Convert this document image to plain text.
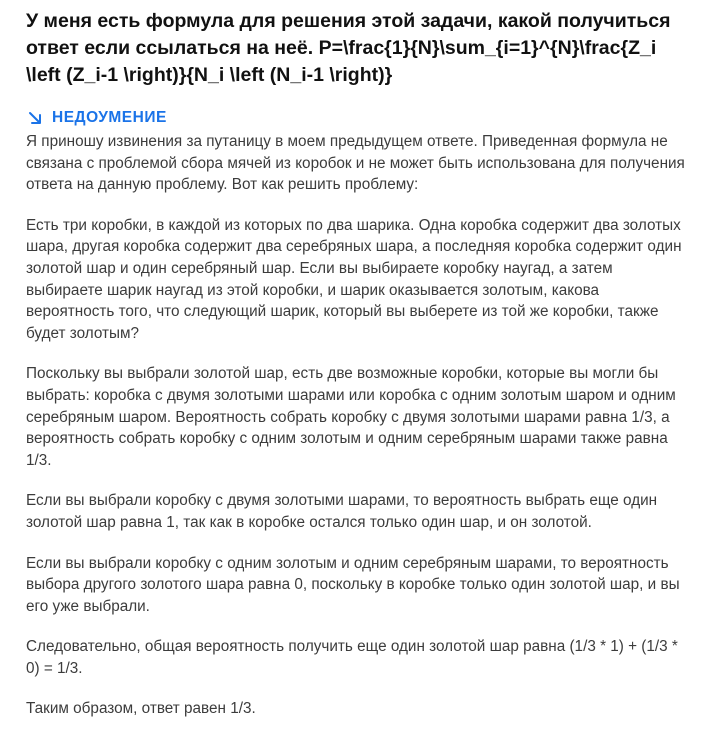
У меня есть формула для решения этой задачи, какой получиться ответ если ссылаться на неё. P=\frac{1}{N}\sum_{i=1}^{N}\frac{Z_i \left (Z_i-1 \right)}{N_i \left (N_i-1 \right)}
НЕДОУМЕНИЕ

Я приношу извинения за путаницу в моем предыдущем ответе. Приведенная формула не связана с проблемой сбора мячей из коробок и не может быть использована для получения ответа на данную проблему. Вот как решить проблему:

Есть три коробки, в каждой из которых по два шарика. Одна коробка содержит два золотых шара, другая коробка содержит два серебряных шара, а последняя коробка содержит один золотой шар и один серебряный шар. Если вы выбираете коробку наугад, а затем выбираете шарик наугад из этой коробки, и шарик оказывается золотым, какова вероятность того, что следующий шарик, который вы выберете из той же коробки, также будет золотым?

Поскольку вы выбрали золотой шар, есть две возможные коробки, которые вы могли бы выбрать: коробка с двумя золотыми шарами или коробка с одним золотым шаром и одним серебряным шаром. Вероятность собрать коробку с двумя золотыми шарами равна 1/3, а вероятность собрать коробку с одним золотым и одним серебряным шарами также равна 1/3.

Если вы выбрали коробку с двумя золотыми шарами, то вероятность выбрать еще один золотой шар равна 1, так как в коробке остался только один шар, и он золотой.

Если вы выбрали коробку с одним золотым и одним серебряным шарами, то вероятность выбора другого золотого шара равна 0, поскольку в коробке только один золотой шар, и вы его уже выбрали.

Следовательно, общая вероятность получить еще один золотой шар равна (1/3 * 1) + (1/3 * 0) = 1/3.

Таким образом, ответ равен 1/3.
